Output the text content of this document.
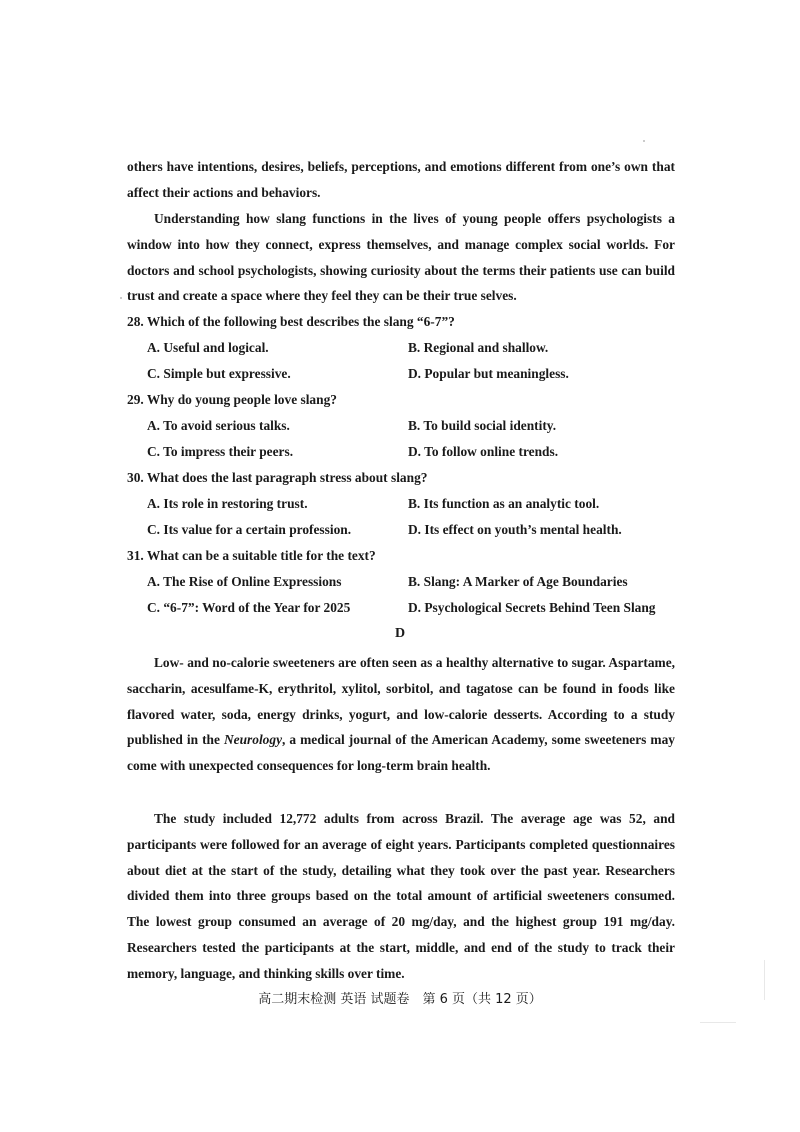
others have intentions, desires, beliefs, perceptions, and emotions different from one’s own that affect their actions and behaviors.

Understanding how slang functions in the lives of young people offers psychologists a window into how they connect, express themselves, and manage complex social worlds. For doctors and school psychologists, showing curiosity about the terms their patients use can build trust and create a space where they feel they can be their true selves.

28. Which of the following best describes the slang “6-7”?

A. Useful and logical.	B. Regional and shallow.

C. Simple but expressive.	D. Popular but meaningless.

29. Why do young people love slang?

A. To avoid serious talks.	B. To build social identity.

C. To impress their peers.	D. To follow online trends.

30. What does the last paragraph stress about slang?

A. Its role in restoring trust.	B. Its function as an analytic tool.

C. Its value for a certain profession.	D. Its effect on youth’s mental health.

31. What can be a suitable title for the text?

A. The Rise of Online Expressions	B. Slang: A Marker of Age Boundaries

C. “6-7”: Word of the Year for 2025	D. Psychological Secrets Behind Teen Slang

D

Low- and no-calorie sweeteners are often seen as a healthy alternative to sugar. Aspartame, saccharin, acesulfame-K, erythritol, xylitol, sorbitol, and tagatose can be found in foods like flavored water, soda, energy drinks, yogurt, and low-calorie desserts. According to a study published in the Neurology, a medical journal of the American Academy, some sweeteners may come with unexpected consequences for long-term brain health.

The study included 12,772 adults from across Brazil. The average age was 52, and participants were followed for an average of eight years. Participants completed questionnaires about diet at the start of the study, detailing what they took over the past year. Researchers divided them into three groups based on the total amount of artificial sweeteners consumed. The lowest group consumed an average of 20 mg/day, and the highest group 191 mg/day. Researchers tested the participants at the start, middle, and end of the study to track their memory, language, and thinking skills over time.

高二期末检测 英语 试题卷　第 6 页（共 12 页）
